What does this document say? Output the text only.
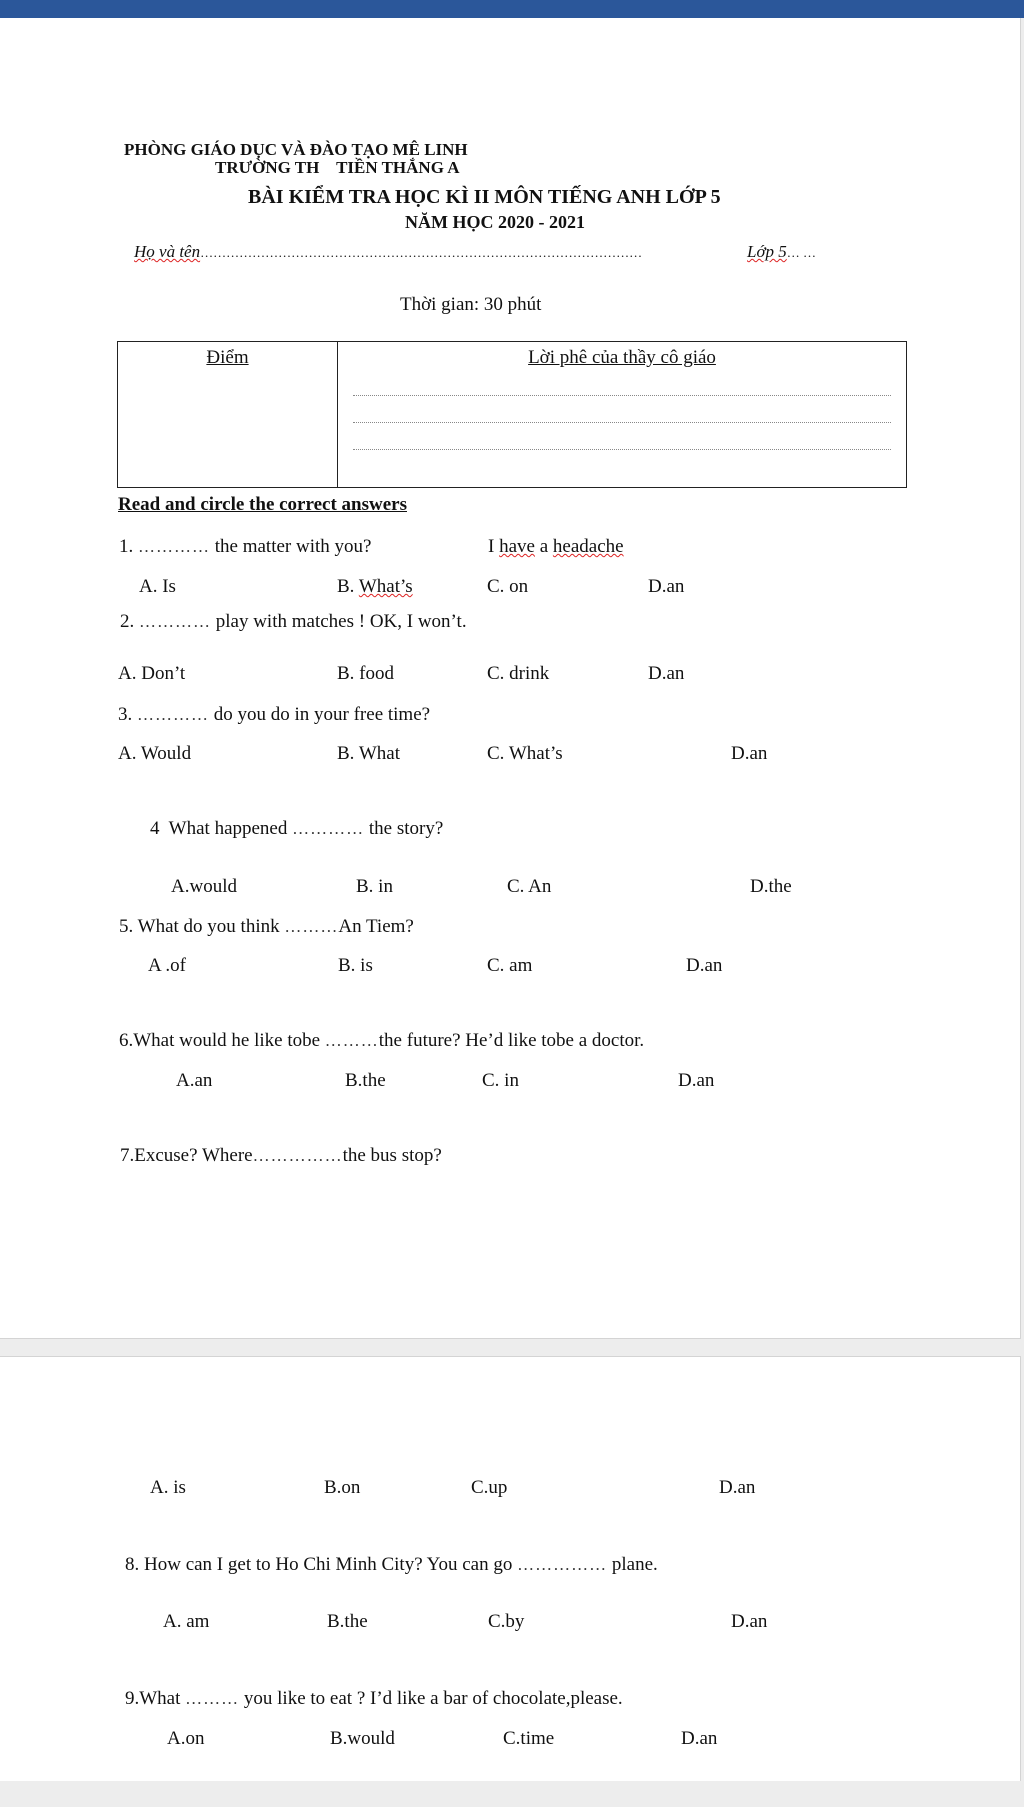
PHÒNG GIÁO DỤC VÀ ĐÀO TẠO MÊ LINH
TRƯỜNG TH    TIỀN THẮNG A
BÀI KIỂM TRA HỌC KÌ II MÔN TIẾNG ANH LỚP 5
NĂM HỌC 2020 - 2021
Họ và tên…………………………………………………………………………………………	Lớp 5… …
Thời gian: 30 phút
Điểm	Lời phê của thầy cô giáo
Read and circle the correct answers
1. ………… the matter with you?	I have a headache
A. Is	B. What’s	C. on	D.an
2. ………… play with matches ! OK, I won’t.
A. Don’t	B. food	C. drink	D.an
3. ………… do you do in your free time?
A. Would	B. What	C. What’s	D.an
4 What happened ………… the story?
A.would	B. in	C. An	D.the
5. What do you think ………An Tiem?
A .of	B. is	C. am	D.an
6.What would he like tobe ………the future? He’d like tobe a doctor.
A.an	B.the	C. in	D.an
7.Excuse? Where……………the bus stop?
A. is	B.on	C.up	D.an
8. How can I get to Ho Chi Minh City? You can go …………… plane.
A. am	B.the	C.by	D.an
9.What ……… you like to eat ? I’d like a bar of chocolate,please.
A.on	B.would	C.time	D.an
